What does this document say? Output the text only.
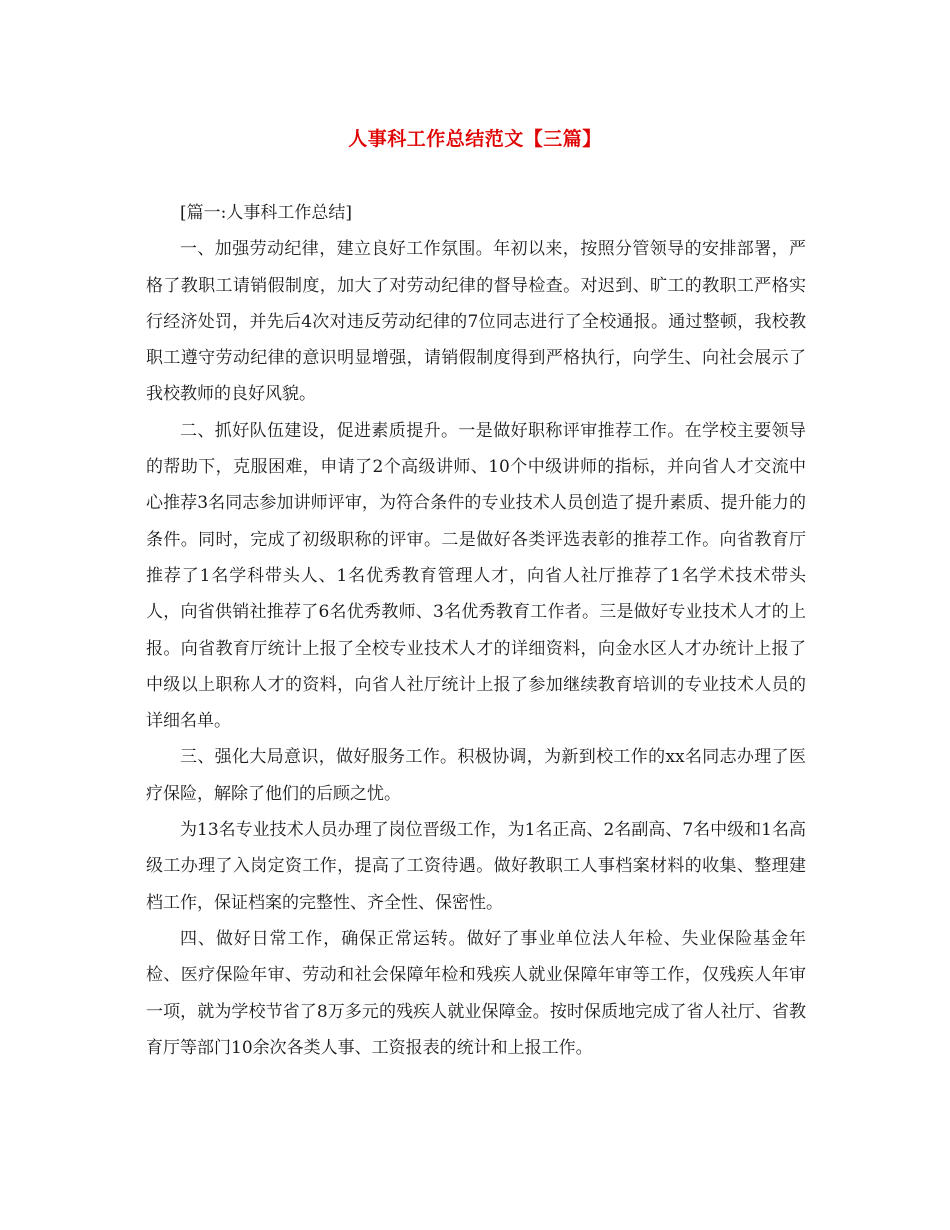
人事科工作总结范文【三篇】

[篇一:人事科工作总结]

一、加强劳动纪律，建立良好工作氛围。年初以来，按照分管领导的安排部署，严格了教职工请销假制度，加大了对劳动纪律的督导检查。对迟到、旷工的教职工严格实行经济处罚，并先后4次对违反劳动纪律的7位同志进行了全校通报。通过整顿，我校教职工遵守劳动纪律的意识明显增强，请销假制度得到严格执行，向学生、向社会展示了我校教师的良好风貌。

二、抓好队伍建设，促进素质提升。一是做好职称评审推荐工作。在学校主要领导的帮助下，克服困难，申请了2个高级讲师、10个中级讲师的指标，并向省人才交流中心推荐3名同志参加讲师评审，为符合条件的专业技术人员创造了提升素质、提升能力的条件。同时，完成了初级职称的评审。二是做好各类评选表彰的推荐工作。向省教育厅推荐了1名学科带头人、1名优秀教育管理人才，向省人社厅推荐了1名学术技术带头人，向省供销社推荐了6名优秀教师、3名优秀教育工作者。三是做好专业技术人才的上报。向省教育厅统计上报了全校专业技术人才的详细资料，向金水区人才办统计上报了中级以上职称人才的资料，向省人社厅统计上报了参加继续教育培训的专业技术人员的详细名单。

三、强化大局意识，做好服务工作。积极协调，为新到校工作的xx名同志办理了医疗保险，解除了他们的后顾之忧。

为13名专业技术人员办理了岗位晋级工作，为1名正高、2名副高、7名中级和1名高级工办理了入岗定资工作，提高了工资待遇。做好教职工人事档案材料的收集、整理建档工作，保证档案的完整性、齐全性、保密性。

四、做好日常工作，确保正常运转。做好了事业单位法人年检、失业保险基金年检、医疗保险年审、劳动和社会保障年检和残疾人就业保障年审等工作，仅残疾人年审一项，就为学校节省了8万多元的残疾人就业保障金。按时保质地完成了省人社厅、省教育厅等部门10余次各类人事、工资报表的统计和上报工作。
